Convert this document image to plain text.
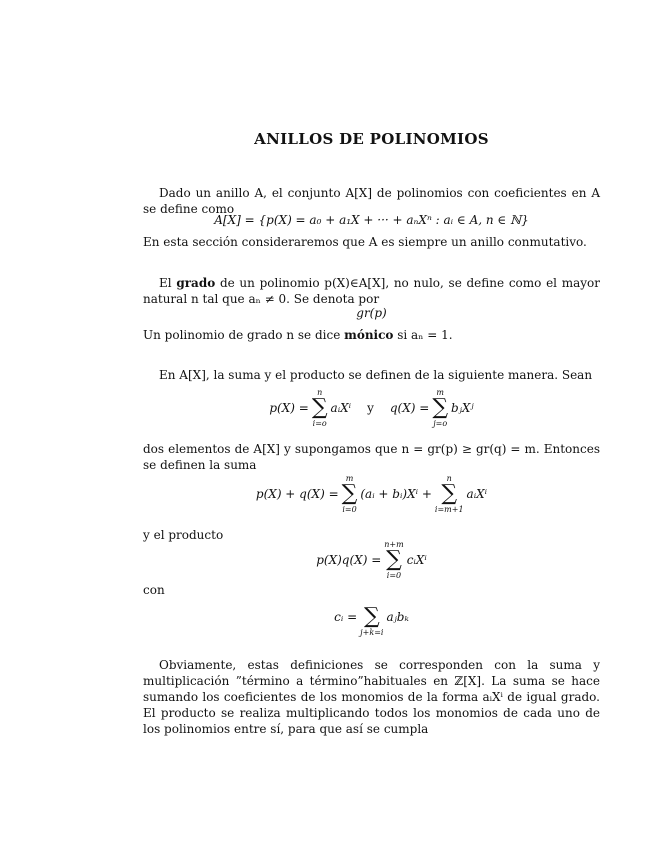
ANILLOS DE POLINOMIOS
Dado un anillo A, el conjunto A[X] de polinomios con coeficientes en A se define como
A[X] = {p(X) = a₀ + a₁X + ··· + aₙXⁿ : aᵢ ∈ A, n ∈ ℕ}
En esta sección consideraremos que A es siempre un anillo conmutativo.
El grado de un polinomio p(X)∈A[X], no nulo, se define como el mayor natural n tal que aₙ ≠ 0. Se denota por
gr(p)
Un polinomio de grado n se dice mónico si aₙ = 1.
En A[X], la suma y el producto se definen de la siguiente manera. Sean
p(X) =
n
∑
i=o
aᵢXⁱ y q(X) =
m
∑
j=o
bⱼXʲ
dos elementos de A[X] y supongamos que n = gr(p) ≥ gr(q) = m. Entonces se definen la suma
p(X) + q(X) =
m
∑
i=0
(aᵢ + bᵢ)Xⁱ +
n
∑
i=m+1
aᵢXⁱ
y el producto
p(X)q(X) =
n+m
∑
i=0
cᵢXⁱ
con
cᵢ = ∑
j+k=i
aⱼbₖ
Obviamente, estas definiciones se corresponden con la suma y multiplicación ”término a término”habituales en ℤ[X]. La suma se hace sumando los coeficientes de los monomios de la forma aᵢXⁱ de igual grado. El producto se realiza multiplicando todos los monomios de cada uno de los polinomios entre sí, para que así se cumpla
